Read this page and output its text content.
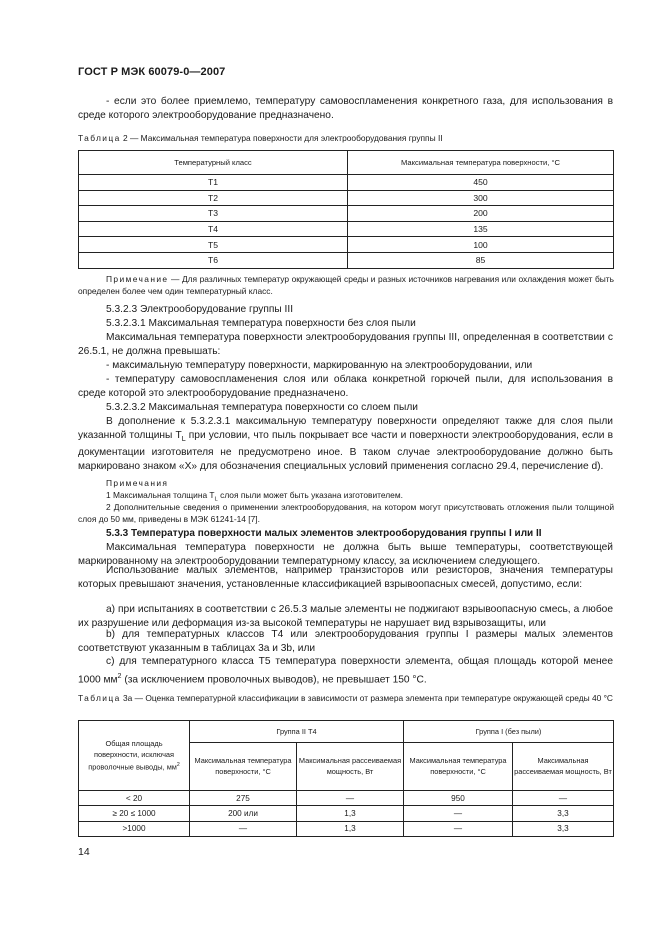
ГОСТ Р МЭК 60079-0—2007
- если это более приемлемо, температуру самовоспламенения конкретного газа, для использования в среде которого электрооборудование предназначено.
Таблица 2 — Максимальная температура поверхности для электрооборудования группы II
Температурный класс	Максимальная температура поверхности, °С
Т1	450
Т2	300
Т3	200
Т4	135
Т5	100
Т6	85
Примечание — Для различных температур окружающей среды и разных источников нагревания или охлаждения может быть определен более чем один температурный класс.
5.3.2.3 Электрооборудование группы III
5.3.2.3.1 Максимальная температура поверхности без слоя пыли
Максимальная температура поверхности электрооборудования группы III, определенная в соответствии с 26.5.1, не должна превышать:
- максимальную температуру поверхности, маркированную на электрооборудовании, или
- температуру самовоспламенения слоя или облака конкретной горючей пыли, для использования в среде которой это электрооборудование предназначено.
5.3.2.3.2 Максимальная температура поверхности со слоем пыли
В дополнение к 5.3.2.3.1 максимальную температуру поверхности определяют также для слоя пыли указанной толщины $T_L$ при условии, что пыль покрывает все части и поверхности электрооборудования, если в документации изготовителя не предусмотрено иное. В таком случае электрооборудование должно быть маркировано знаком «X» для обозначения специальных условий применения согласно 29.4, перечисление d).
Примечания
1 Максимальная толщина $T_L$ слоя пыли может быть указана изготовителем.
2 Дополнительные сведения о применении электрооборудования, на котором могут присутствовать отложения пыли толщиной слоя до 50 мм, приведены в МЭК 61241-14 [7].
5.3.3 Температура поверхности малых элементов электрооборудования группы I или II
Максимальная температура поверхности не должна быть выше температуры, соответствующей маркированному на электрооборудовании температурному классу, за исключением следующего.
Использование малых элементов, например транзисторов или резисторов, значения температуры которых превышают значения, установленные классификацией взрывоопасных смесей, допустимо, если:
а) при испытаниях в соответствии с 26.5.3 малые элементы не поджигают взрывоопасную смесь, а любое их разрушение или деформация из-за высокой температуры не нарушает вид взрывозащиты, или
b) для температурных классов Т4 или электрооборудования группы I размеры малых элементов соответствуют указанным в таблицах 3а и 3b, или
с) для температурного класса Т5 температура поверхности элемента, общая площадь которой менее 1000 $мм^2$ (за исключением проволочных выводов), не превышает 150 °С.
Таблица 3а — Оценка температурной классификации в зависимости от размера элемента при температуре окружающей среды 40 °С
Общая площадь поверхности, исключая проволочные выводы, $мм^2$	Группа II Т4		Группа I (без пыли)	
	Максимальная температура поверхности, °С	Максимальная рассеиваемая мощность, Вт	Максимальная температура поверхности, °С	Максимальная рассеиваемая мощность, Вт
< 20	275	—	950	—
≥ 20 ≤ 1000	200 или	1,3	—	3,3
>1000	—	1,3	—	3,3
14
